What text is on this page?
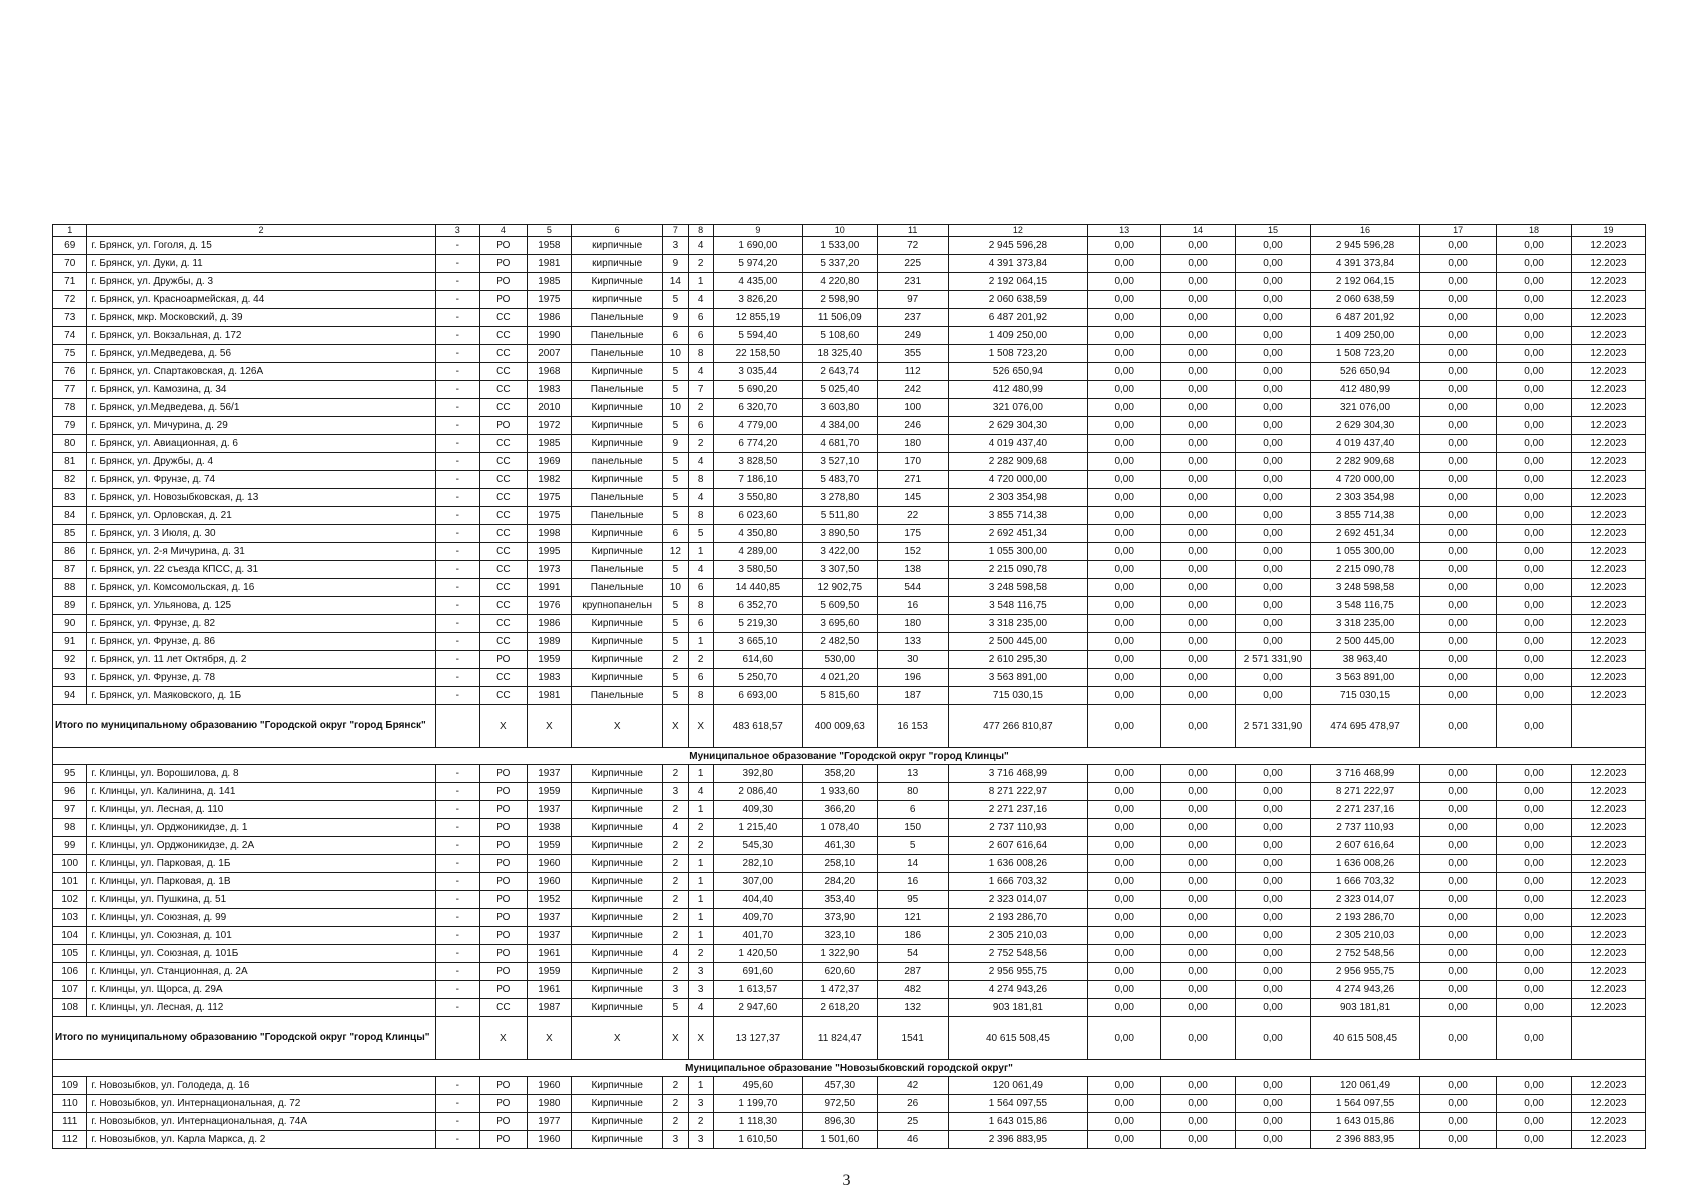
1	2	3	4	5	6	7	8	9	10	11	12	13	14	15	16	17	18	19
69	г. Брянск, ул. Гоголя, д. 15	-	РО	1958	кирпичные	3	4	1 690,00	1 533,00	72	2 945 596,28	0,00	0,00	0,00	2 945 596,28	0,00	0,00	12.2023
70	г. Брянск, ул. Дуки, д. 11	-	РО	1981	кирпичные	9	2	5 974,20	5 337,20	225	4 391 373,84	0,00	0,00	0,00	4 391 373,84	0,00	0,00	12.2023
71	г. Брянск, ул. Дружбы, д. 3	-	РО	1985	Кирпичные	14	1	4 435,00	4 220,80	231	2 192 064,15	0,00	0,00	0,00	2 192 064,15	0,00	0,00	12.2023
72	г. Брянск, ул. Красноармейская, д. 44	-	РО	1975	кирпичные	5	4	3 826,20	2 598,90	97	2 060 638,59	0,00	0,00	0,00	2 060 638,59	0,00	0,00	12.2023
73	г. Брянск, мкр. Московский, д. 39	-	СС	1986	Панельные	9	6	12 855,19	11 506,09	237	6 487 201,92	0,00	0,00	0,00	6 487 201,92	0,00	0,00	12.2023
74	г. Брянск, ул. Вокзальная, д. 172	-	СС	1990	Панельные	6	6	5 594,40	5 108,60	249	1 409 250,00	0,00	0,00	0,00	1 409 250,00	0,00	0,00	12.2023
75	г. Брянск, ул.Медведева, д. 56	-	СС	2007	Панельные	10	8	22 158,50	18 325,40	355	1 508 723,20	0,00	0,00	0,00	1 508 723,20	0,00	0,00	12.2023
76	г. Брянск, ул. Спартаковская, д. 126А	-	СС	1968	Кирпичные	5	4	3 035,44	2 643,74	112	526 650,94	0,00	0,00	0,00	526 650,94	0,00	0,00	12.2023
77	г. Брянск, ул. Камозина, д. 34	-	СС	1983	Панельные	5	7	5 690,20	5 025,40	242	412 480,99	0,00	0,00	0,00	412 480,99	0,00	0,00	12.2023
78	г. Брянск, ул.Медведева, д. 56/1	-	СС	2010	Кирпичные	10	2	6 320,70	3 603,80	100	321 076,00	0,00	0,00	0,00	321 076,00	0,00	0,00	12.2023
79	г. Брянск, ул. Мичурина, д. 29	-	РО	1972	Кирпичные	5	6	4 779,00	4 384,00	246	2 629 304,30	0,00	0,00	0,00	2 629 304,30	0,00	0,00	12.2023
80	г. Брянск, ул. Авиационная, д. 6	-	СС	1985	Кирпичные	9	2	6 774,20	4 681,70	180	4 019 437,40	0,00	0,00	0,00	4 019 437,40	0,00	0,00	12.2023
81	г. Брянск, ул. Дружбы, д. 4	-	СС	1969	панельные	5	4	3 828,50	3 527,10	170	2 282 909,68	0,00	0,00	0,00	2 282 909,68	0,00	0,00	12.2023
82	г. Брянск, ул. Фрунзе, д. 74	-	СС	1982	Кирпичные	5	8	7 186,10	5 483,70	271	4 720 000,00	0,00	0,00	0,00	4 720 000,00	0,00	0,00	12.2023
83	г. Брянск, ул. Новозыбковская, д. 13	-	СС	1975	Панельные	5	4	3 550,80	3 278,80	145	2 303 354,98	0,00	0,00	0,00	2 303 354,98	0,00	0,00	12.2023
84	г. Брянск, ул. Орловская, д. 21	-	СС	1975	Панельные	5	8	6 023,60	5 511,80	22	3 855 714,38	0,00	0,00	0,00	3 855 714,38	0,00	0,00	12.2023
85	г. Брянск, ул. 3 Июля, д. 30	-	СС	1998	Кирпичные	6	5	4 350,80	3 890,50	175	2 692 451,34	0,00	0,00	0,00	2 692 451,34	0,00	0,00	12.2023
86	г. Брянск, ул. 2-я Мичурина, д. 31	-	СС	1995	Кирпичные	12	1	4 289,00	3 422,00	152	1 055 300,00	0,00	0,00	0,00	1 055 300,00	0,00	0,00	12.2023
87	г. Брянск, ул. 22 съезда КПСС, д. 31	-	СС	1973	Панельные	5	4	3 580,50	3 307,50	138	2 215 090,78	0,00	0,00	0,00	2 215 090,78	0,00	0,00	12.2023
88	г. Брянск, ул. Комсомольская, д. 16	-	СС	1991	Панельные	10	6	14 440,85	12 902,75	544	3 248 598,58	0,00	0,00	0,00	3 248 598,58	0,00	0,00	12.2023
89	г. Брянск, ул. Ульянова, д. 125	-	СС	1976	крупнопанельн	5	8	6 352,70	5 609,50	16	3 548 116,75	0,00	0,00	0,00	3 548 116,75	0,00	0,00	12.2023
90	г. Брянск, ул. Фрунзе, д. 82	-	СС	1986	Кирпичные	5	6	5 219,30	3 695,60	180	3 318 235,00	0,00	0,00	0,00	3 318 235,00	0,00	0,00	12.2023
91	г. Брянск, ул. Фрунзе, д. 86	-	СС	1989	Кирпичные	5	1	3 665,10	2 482,50	133	2 500 445,00	0,00	0,00	0,00	2 500 445,00	0,00	0,00	12.2023
92	г. Брянск, ул. 11 лет Октября, д. 2	-	РО	1959	Кирпичные	2	2	614,60	530,00	30	2 610 295,30	0,00	0,00	2 571 331,90	38 963,40	0,00	0,00	12.2023
93	г. Брянск, ул. Фрунзе, д. 78	-	СС	1983	Кирпичные	5	6	5 250,70	4 021,20	196	3 563 891,00	0,00	0,00	0,00	3 563 891,00	0,00	0,00	12.2023
94	г. Брянск, ул. Маяковского, д. 1Б	-	СС	1981	Панельные	5	8	6 693,00	5 815,60	187	715 030,15	0,00	0,00	0,00	715 030,15	0,00	0,00	12.2023
Итого по муниципальному образованию "Городской округ "город Брянск"			X	X	X	X	X	483 618,57	400 009,63	16 153	477 266 810,87	0,00	0,00	2 571 331,90	474 695 478,97	0,00	0,00	
Муниципальное образование "Городской округ "город Клинцы"																		
95	г. Клинцы, ул. Ворошилова, д. 8	-	РО	1937	Кирпичные	2	1	392,80	358,20	13	3 716 468,99	0,00	0,00	0,00	3 716 468,99	0,00	0,00	12.2023
96	г. Клинцы, ул. Калинина, д. 141	-	РО	1959	Кирпичные	3	4	2 086,40	1 933,60	80	8 271 222,97	0,00	0,00	0,00	8 271 222,97	0,00	0,00	12.2023
97	г. Клинцы, ул. Лесная, д. 110	-	РО	1937	Кирпичные	2	1	409,30	366,20	6	2 271 237,16	0,00	0,00	0,00	2 271 237,16	0,00	0,00	12.2023
98	г. Клинцы, ул. Орджоникидзе, д. 1	-	РО	1938	Кирпичные	4	2	1 215,40	1 078,40	150	2 737 110,93	0,00	0,00	0,00	2 737 110,93	0,00	0,00	12.2023
99	г. Клинцы, ул. Орджоникидзе, д. 2А	-	РО	1959	Кирпичные	2	2	545,30	461,30	5	2 607 616,64	0,00	0,00	0,00	2 607 616,64	0,00	0,00	12.2023
100	г. Клинцы, ул. Парковая, д. 1Б	-	РО	1960	Кирпичные	2	1	282,10	258,10	14	1 636 008,26	0,00	0,00	0,00	1 636 008,26	0,00	0,00	12.2023
101	г. Клинцы, ул. Парковая, д. 1В	-	РО	1960	Кирпичные	2	1	307,00	284,20	16	1 666 703,32	0,00	0,00	0,00	1 666 703,32	0,00	0,00	12.2023
102	г. Клинцы, ул. Пушкина, д. 51	-	РО	1952	Кирпичные	2	1	404,40	353,40	95	2 323 014,07	0,00	0,00	0,00	2 323 014,07	0,00	0,00	12.2023
103	г. Клинцы, ул. Союзная, д. 99	-	РО	1937	Кирпичные	2	1	409,70	373,90	121	2 193 286,70	0,00	0,00	0,00	2 193 286,70	0,00	0,00	12.2023
104	г. Клинцы, ул. Союзная, д. 101	-	РО	1937	Кирпичные	2	1	401,70	323,10	186	2 305 210,03	0,00	0,00	0,00	2 305 210,03	0,00	0,00	12.2023
105	г. Клинцы, ул. Союзная, д. 101Б	-	РО	1961	Кирпичные	4	2	1 420,50	1 322,90	54	2 752 548,56	0,00	0,00	0,00	2 752 548,56	0,00	0,00	12.2023
106	г. Клинцы, ул. Станционная, д. 2А	-	РО	1959	Кирпичные	2	3	691,60	620,60	287	2 956 955,75	0,00	0,00	0,00	2 956 955,75	0,00	0,00	12.2023
107	г. Клинцы, ул. Щорса, д. 29А	-	РО	1961	Кирпичные	3	3	1 613,57	1 472,37	482	4 274 943,26	0,00	0,00	0,00	4 274 943,26	0,00	0,00	12.2023
108	г. Клинцы, ул. Лесная, д. 112	-	СС	1987	Кирпичные	5	4	2 947,60	2 618,20	132	903 181,81	0,00	0,00	0,00	903 181,81	0,00	0,00	12.2023
Итого по муниципальному образованию "Городской округ "город Клинцы"			X	X	X	X	X	13 127,37	11 824,47	1541	40 615 508,45	0,00	0,00	0,00	40 615 508,45	0,00	0,00	
Муниципальное образование "Новозыбковский городской округ"																		
109	г. Новозыбков, ул. Голодеда, д. 16	-	РО	1960	Кирпичные	2	1	495,60	457,30	42	120 061,49	0,00	0,00	0,00	120 061,49	0,00	0,00	12.2023
110	г. Новозыбков, ул. Интернациональная, д. 72	-	РО	1980	Кирпичные	2	3	1 199,70	972,50	26	1 564 097,55	0,00	0,00	0,00	1 564 097,55	0,00	0,00	12.2023
111	г. Новозыбков, ул. Интернациональная, д. 74А	-	РО	1977	Кирпичные	2	2	1 118,30	896,30	25	1 643 015,86	0,00	0,00	0,00	1 643 015,86	0,00	0,00	12.2023
112	г. Новозыбков, ул. Карла Маркса, д. 2	-	РО	1960	Кирпичные	3	3	1 610,50	1 501,60	46	2 396 883,95	0,00	0,00	0,00	2 396 883,95	0,00	0,00	12.2023
3
